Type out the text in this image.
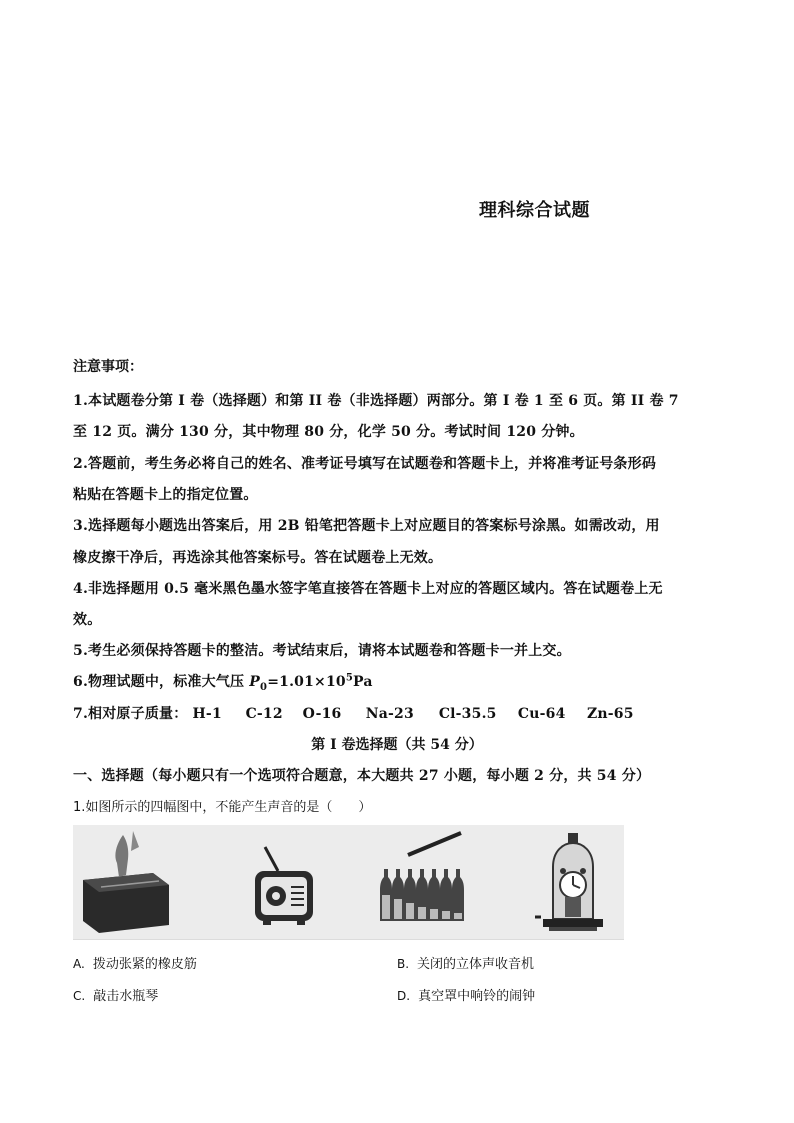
理科综合试题
注意事项：
1.本试题卷分第 I 卷（选择题）和第 II 卷（非选择题）两部分。第 I 卷 1 至 6 页。第 II 卷 7
至 12 页。满分 130 分，其中物理 80 分，化学 50 分。考试时间 120 分钟。
2.答题前，考生务必将自己的姓名、准考证号填写在试题卷和答题卡上，并将准考证号条形码
粘贴在答题卡上的指定位置。
3.选择题每小题选出答案后，用 2B 铅笔把答题卡上对应题目的答案标号涂黑。如需改动，用
橡皮擦干净后，再选涂其他答案标号。答在试题卷上无效。
4.非选择题用 0.5 毫米黑色墨水签字笔直接答在答题卡上对应的答题区域内。答在试题卷上无
效。
5.考生必须保持答题卡的整洁。考试结束后，请将本试题卷和答题卡一并上交。
6.物理试题中，标准大气压 $P_0=1.01\times 10^5Pa$
7.相对原子质量： H-1 C-12 O-16 Na-23 Cl-35.5 Cu-64 Zn-65
第 I 卷选择题（共 54 分）
一、选择题（每小题只有一个选项符合题意，本大题共 27 小题，每小题 2 分，共 54 分）
1.如图所示的四幅图中，不能产生声音的是（　　）
A. 拨动张紧的橡皮筋	B. 关闭的立体声收音机
C. 敲击水瓶琴	D. 真空罩中响铃的闹钟
